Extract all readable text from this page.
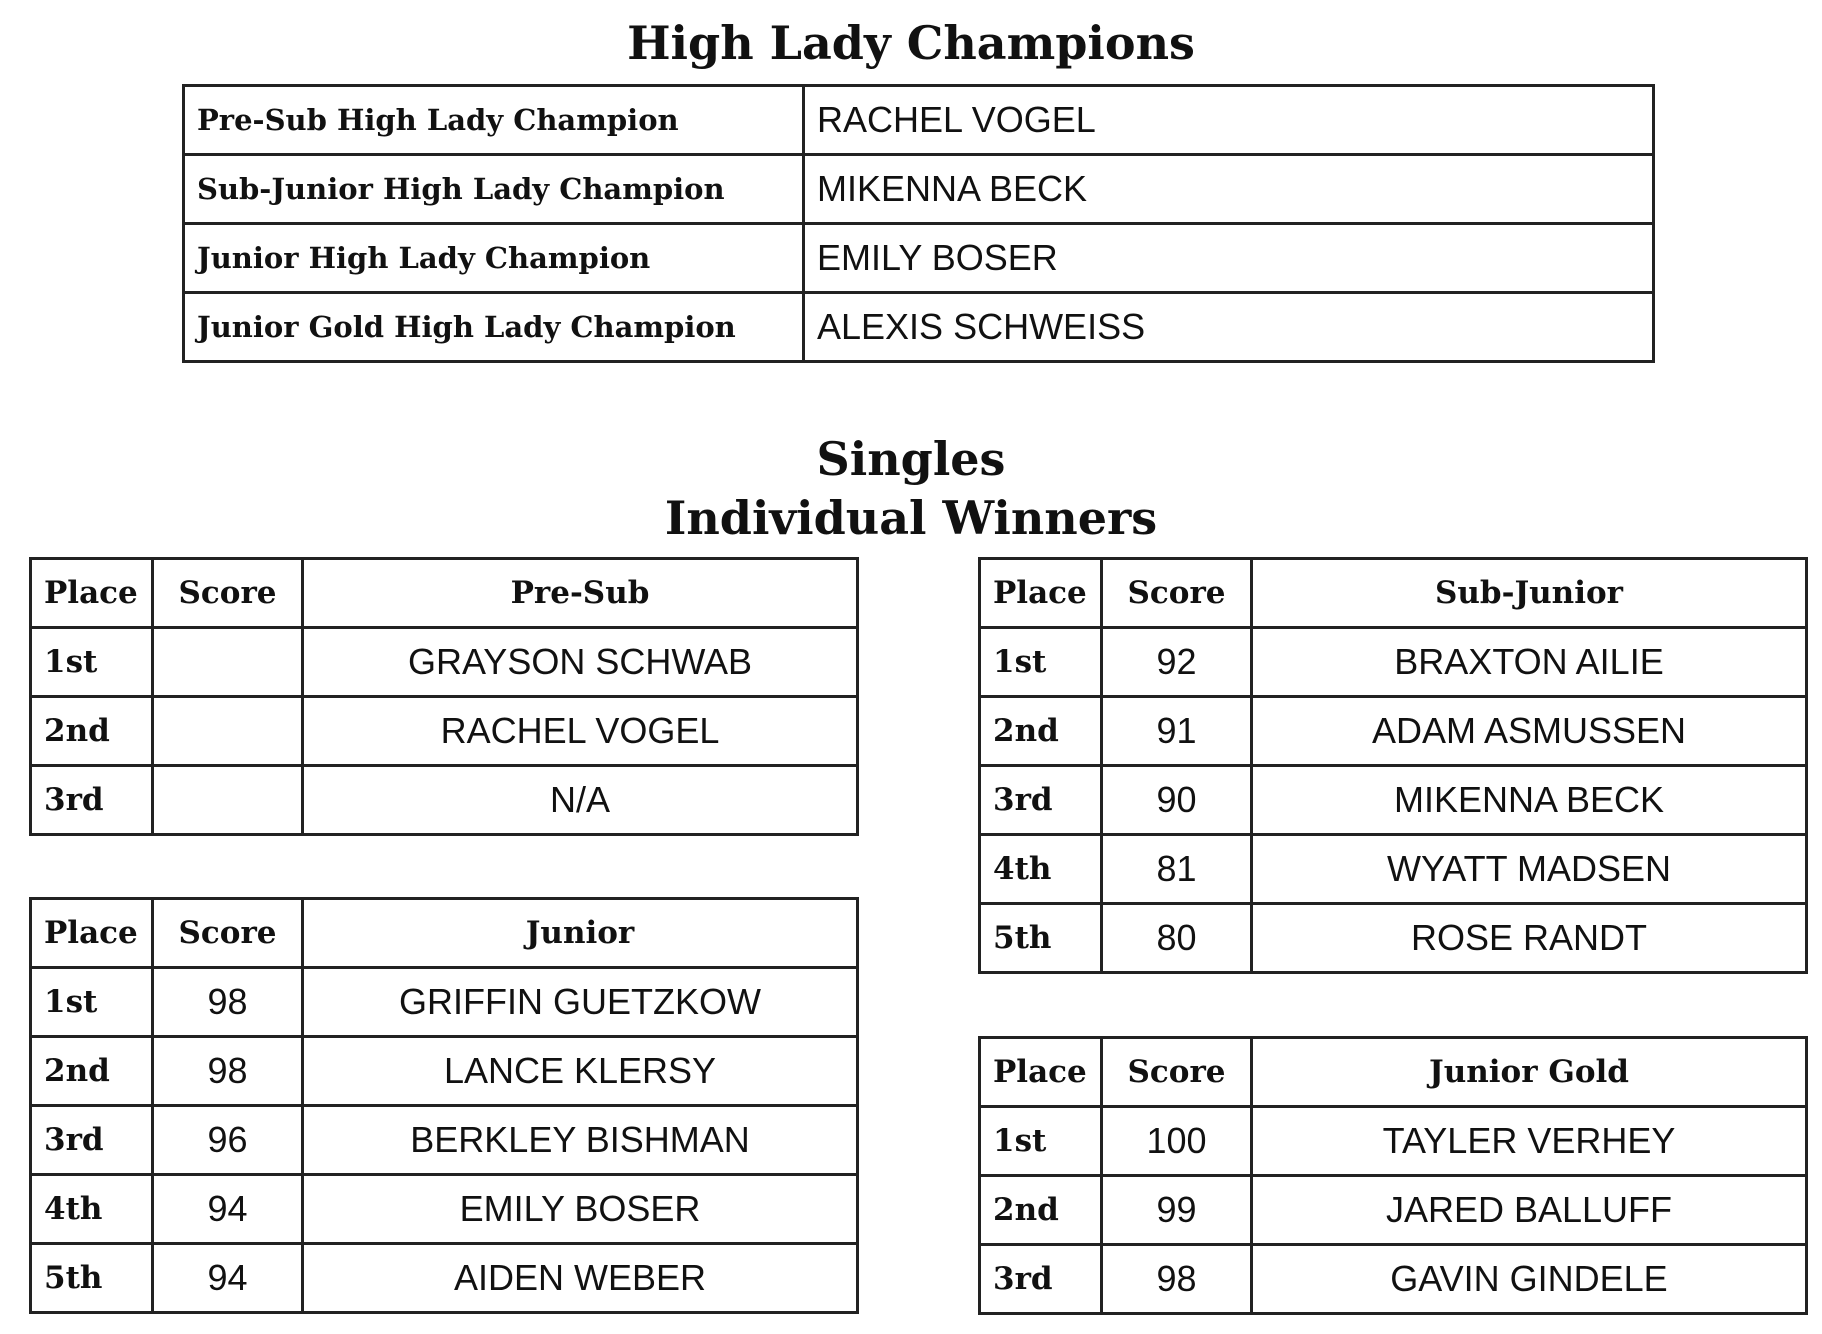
High Lady Champions
Pre-Sub High Lady Champion	RACHEL VOGEL
Sub-Junior High Lady Champion	MIKENNA BECK
Junior High Lady Champion	EMILY BOSER
Junior Gold High Lady Champion	ALEXIS SCHWEISS
Singles
Individual Winners
Place	Score	Pre-Sub
1st		GRAYSON SCHWAB
2nd		RACHEL VOGEL
3rd		N/A
Place	Score	Sub-Junior
1st	92	BRAXTON AILIE
2nd	91	ADAM ASMUSSEN
3rd	90	MIKENNA BECK
4th	81	WYATT MADSEN
5th	80	ROSE RANDT
Place	Score	Junior
1st	98	GRIFFIN GUETZKOW
2nd	98	LANCE KLERSY
3rd	96	BERKLEY BISHMAN
4th	94	EMILY BOSER
5th	94	AIDEN WEBER
Place	Score	Junior Gold
1st	100	TAYLER VERHEY
2nd	99	JARED BALLUFF
3rd	98	GAVIN GINDELE
